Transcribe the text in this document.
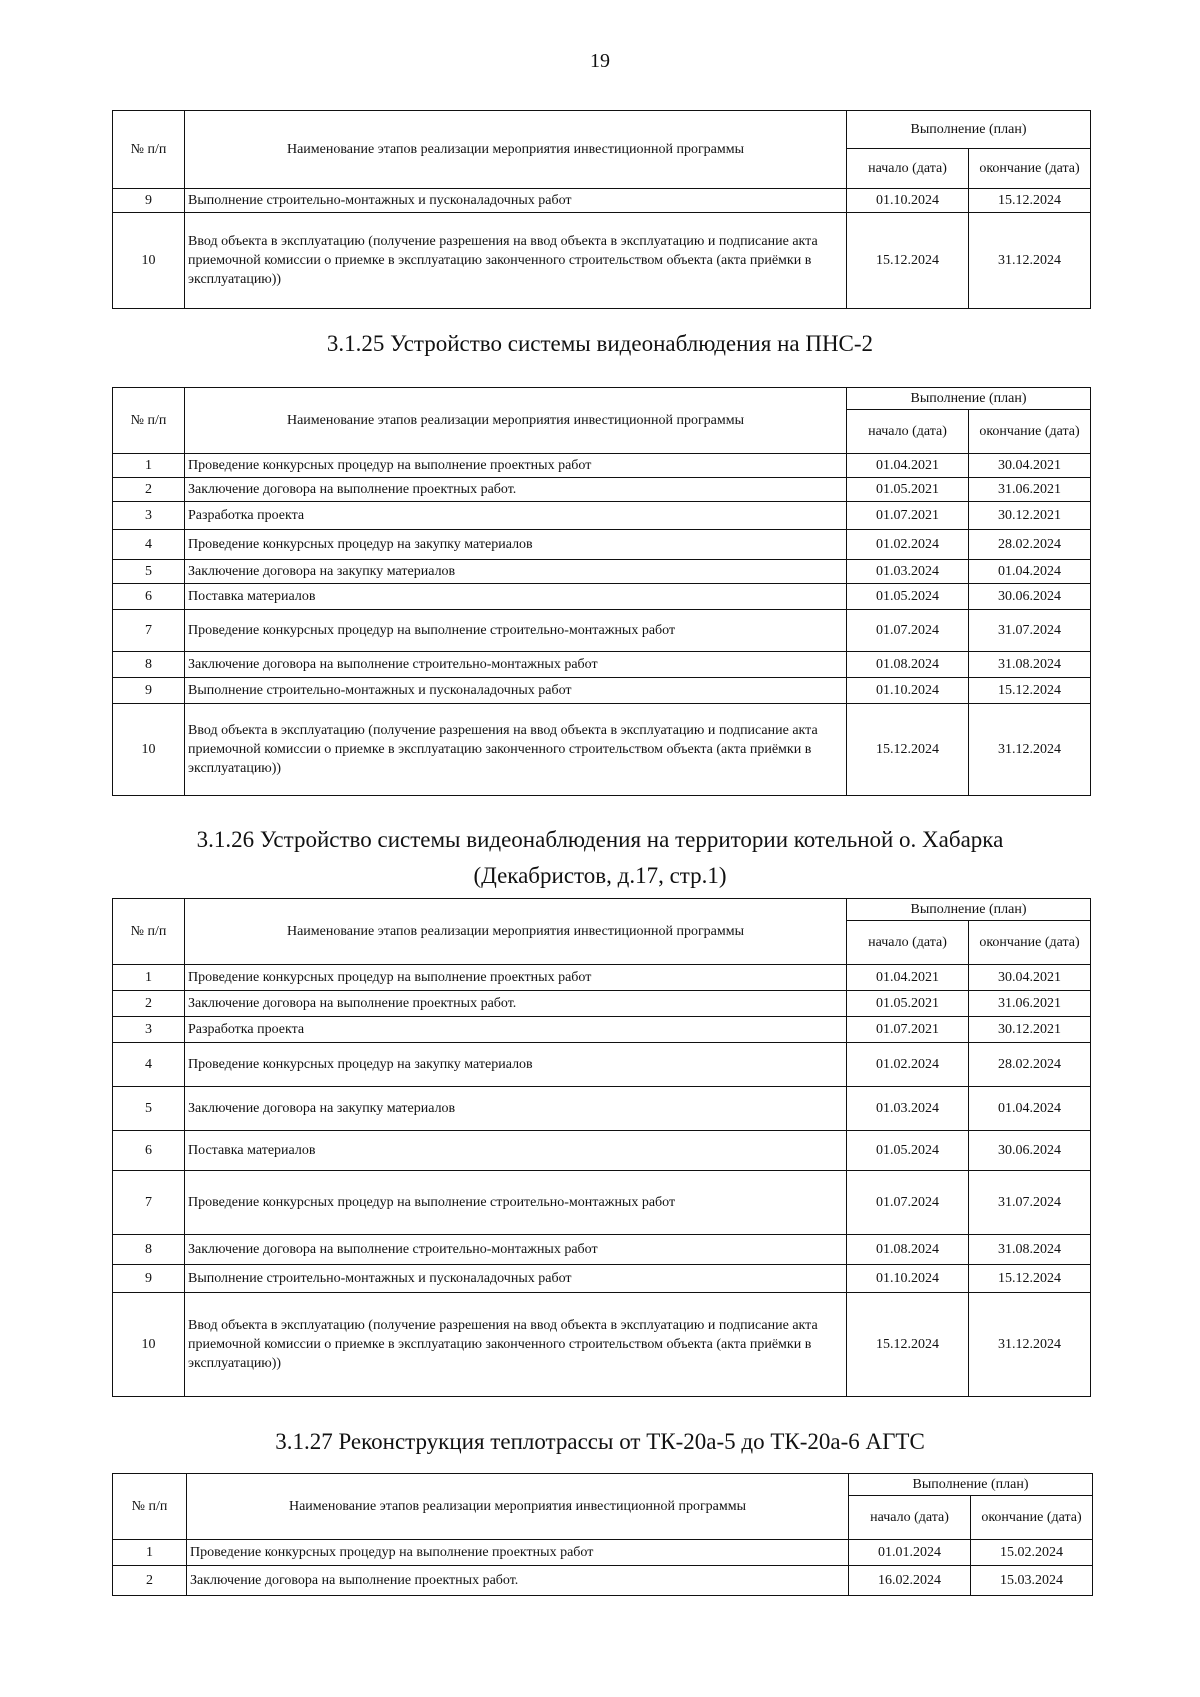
19
№ п/п	Наименование этапов реализации мероприятия инвестиционной программы	Выполнение (план)	
		начало (дата)	окончание (дата)
9	Выполнение строительно-монтажных и пусконаладочных работ	01.10.2024	15.12.2024
10	Ввод объекта в эксплуатацию (получение разрешения на ввод объекта в эксплуатацию и подписание акта приемочной комиссии о приемке в эксплуатацию законченного строительством объекта (акта приёмки в эксплуатацию))	15.12.2024	31.12.2024
3.1.25 Устройство системы видеонаблюдения на ПНС-2
№ п/п	Наименование этапов реализации мероприятия инвестиционной программы	Выполнение (план)	
		начало (дата)	окончание (дата)
1	Проведение конкурсных процедур на выполнение проектных работ	01.04.2021	30.04.2021
2	Заключение договора на выполнение проектных работ.	01.05.2021	31.06.2021
3	Разработка проекта	01.07.2021	30.12.2021
4	Проведение конкурсных процедур на закупку материалов	01.02.2024	28.02.2024
5	Заключение договора на закупку материалов	01.03.2024	01.04.2024
6	Поставка материалов	01.05.2024	30.06.2024
7	Проведение конкурсных процедур на выполнение строительно-монтажных работ	01.07.2024	31.07.2024
8	Заключение договора на выполнение строительно-монтажных работ	01.08.2024	31.08.2024
9	Выполнение строительно-монтажных и пусконаладочных работ	01.10.2024	15.12.2024
10	Ввод объекта в эксплуатацию (получение разрешения на ввод объекта в эксплуатацию и подписание акта приемочной комиссии о приемке в эксплуатацию законченного строительством объекта (акта приёмки в эксплуатацию))	15.12.2024	31.12.2024
3.1.26 Устройство системы видеонаблюдения на территории котельной о. Хабарка
(Декабристов, д.17, стр.1)
№ п/п	Наименование этапов реализации мероприятия инвестиционной программы	Выполнение (план)	
		начало (дата)	окончание (дата)
1	Проведение конкурсных процедур на выполнение проектных работ	01.04.2021	30.04.2021
2	Заключение договора на выполнение проектных работ.	01.05.2021	31.06.2021
3	Разработка проекта	01.07.2021	30.12.2021
4	Проведение конкурсных процедур на закупку материалов	01.02.2024	28.02.2024
5	Заключение договора на закупку материалов	01.03.2024	01.04.2024
6	Поставка материалов	01.05.2024	30.06.2024
7	Проведение конкурсных процедур на выполнение строительно-монтажных работ	01.07.2024	31.07.2024
8	Заключение договора на выполнение строительно-монтажных работ	01.08.2024	31.08.2024
9	Выполнение строительно-монтажных и пусконаладочных работ	01.10.2024	15.12.2024
10	Ввод объекта в эксплуатацию (получение разрешения на ввод объекта в эксплуатацию и подписание акта приемочной комиссии о приемке в эксплуатацию законченного строительством объекта (акта приёмки в эксплуатацию))	15.12.2024	31.12.2024
3.1.27 Реконструкция теплотрассы от ТК-20а-5 до ТК-20а-6 АГТС
№ п/п	Наименование этапов реализации мероприятия инвестиционной программы	Выполнение (план)	
		начало (дата)	окончание (дата)
1	Проведение конкурсных процедур на выполнение проектных работ	01.01.2024	15.02.2024
2	Заключение договора на выполнение проектных работ.	16.02.2024	15.03.2024
